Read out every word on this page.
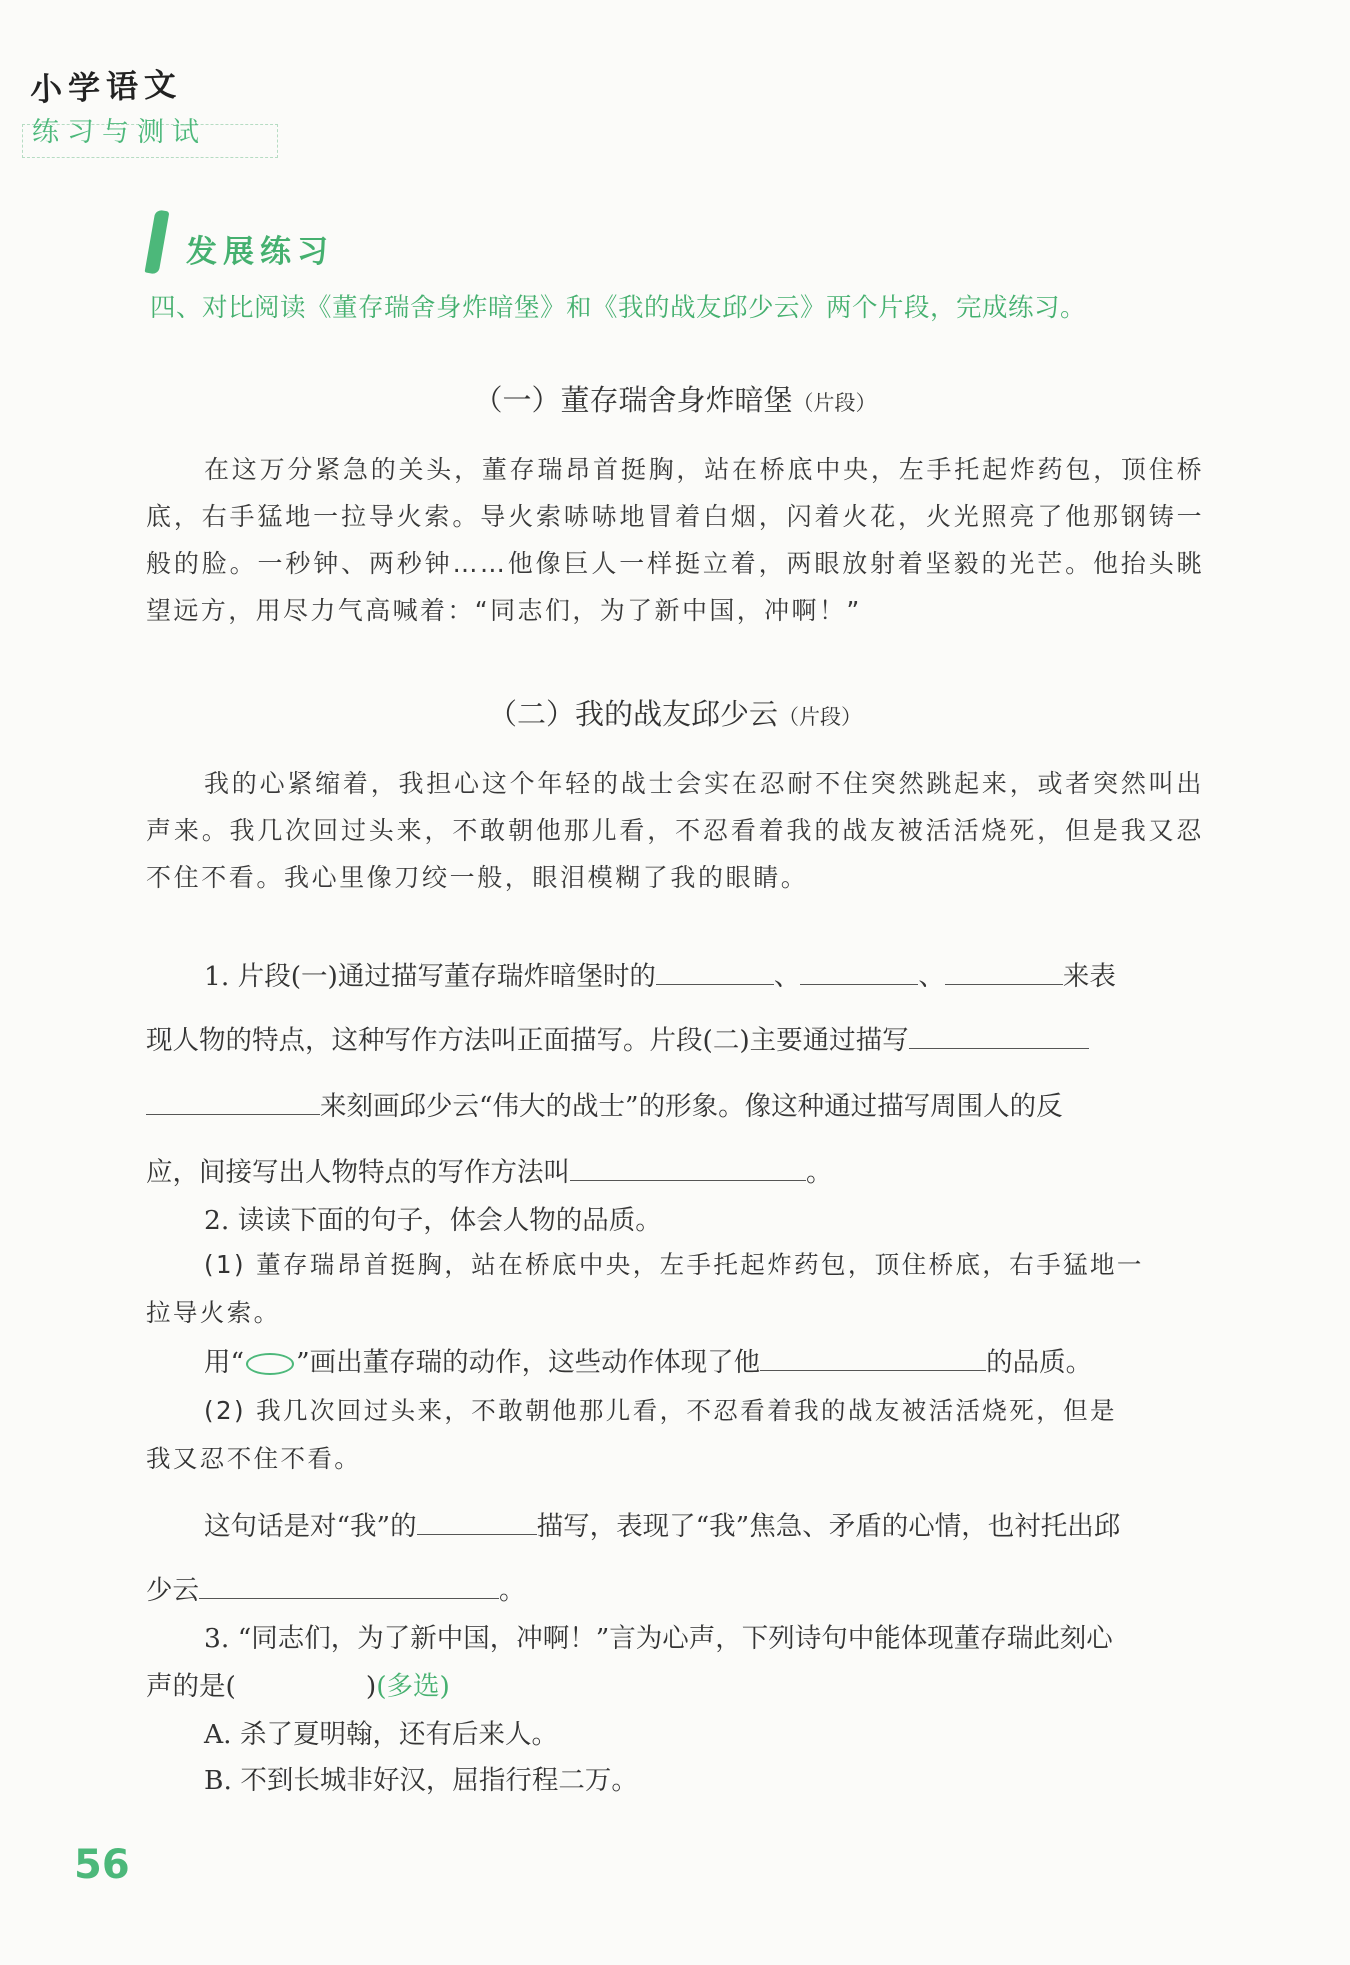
小学语文
练习与测试
发展练习
四、对比阅读《董存瑞舍身炸暗堡》和《我的战友邱少云》两个片段，完成练习。
（一）董存瑞舍身炸暗堡（片段）
在这万分紧急的关头，董存瑞昂首挺胸，站在桥底中央，左手托起炸药包，顶住桥底，右手猛地一拉导火索。导火索哧哧地冒着白烟，闪着火花，火光照亮了他那钢铸一般的脸。一秒钟、两秒钟……他像巨人一样挺立着，两眼放射着坚毅的光芒。他抬头眺望远方，用尽力气高喊着：“同志们，为了新中国，冲啊！”
（二）我的战友邱少云（片段）
我的心紧缩着，我担心这个年轻的战士会实在忍耐不住突然跳起来，或者突然叫出声来。我几次回过头来，不敢朝他那儿看，不忍看着我的战友被活活烧死，但是我又忍不住不看。我心里像刀绞一般，眼泪模糊了我的眼睛。
1. 片段(一)通过描写董存瑞炸暗堡时的	、	、	来表
现人物的特点，这种写作方法叫正面描写。片段(二)主要通过描写
来刻画邱少云“伟大的战士”的形象。像这种通过描写周围人的反
应，间接写出人物特点的写作方法叫	。
2. 读读下面的句子，体会人物的品质。
(1) 董存瑞昂首挺胸，站在桥底中央，左手托起炸药包，顶住桥底，右手猛地一
拉导火索。
用“ ”画出董存瑞的动作，这些动作体现了他	的品质。
(2) 我几次回过头来，不敢朝他那儿看，不忍看着我的战友被活活烧死，但是
我又忍不住不看。
这句话是对“我”的	描写，表现了“我”焦急、矛盾的心情，也衬托出邱
少云	。
3. “同志们，为了新中国，冲啊！”言为心声，下列诗句中能体现董存瑞此刻心
声的是(	)(多选)
A. 杀了夏明翰，还有后来人。
B. 不到长城非好汉，屈指行程二万。
56
